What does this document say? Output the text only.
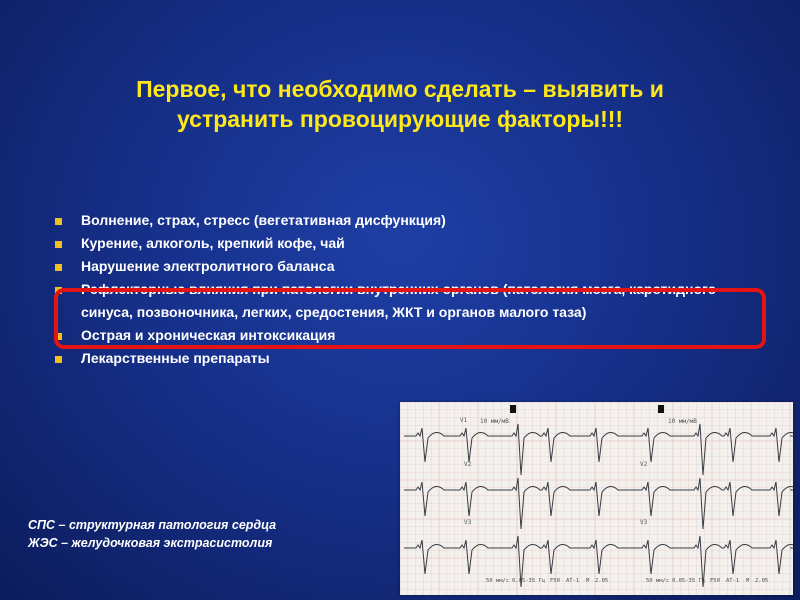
Первое, что необходимо сделать – выявить и
устранить провоцирующие факторы!!!
Волнение, страх, стресс (вегетативная дисфункция)
Курение, алкоголь, крепкий кофе, чай
Нарушение электролитного баланса
Рефлекторные влияния при патологии внутренних органов (патология мозга, каротидного синуса, позвоночника, легких, средостения, ЖКТ и органов малого таза)
Острая и хроническая интоксикация
Лекарственные препараты
10 мм/мВ	10 мм/мВ
V2	V2
V3	V3
V1
50 мм/с 0.05-35 Гц F50 AT-1 M 2.05	50 мм/с 0.05-35 Гц F50 AT-1 M 2.05
СПС – структурная патология сердца
ЖЭС – желудочковая экстрасистолия
